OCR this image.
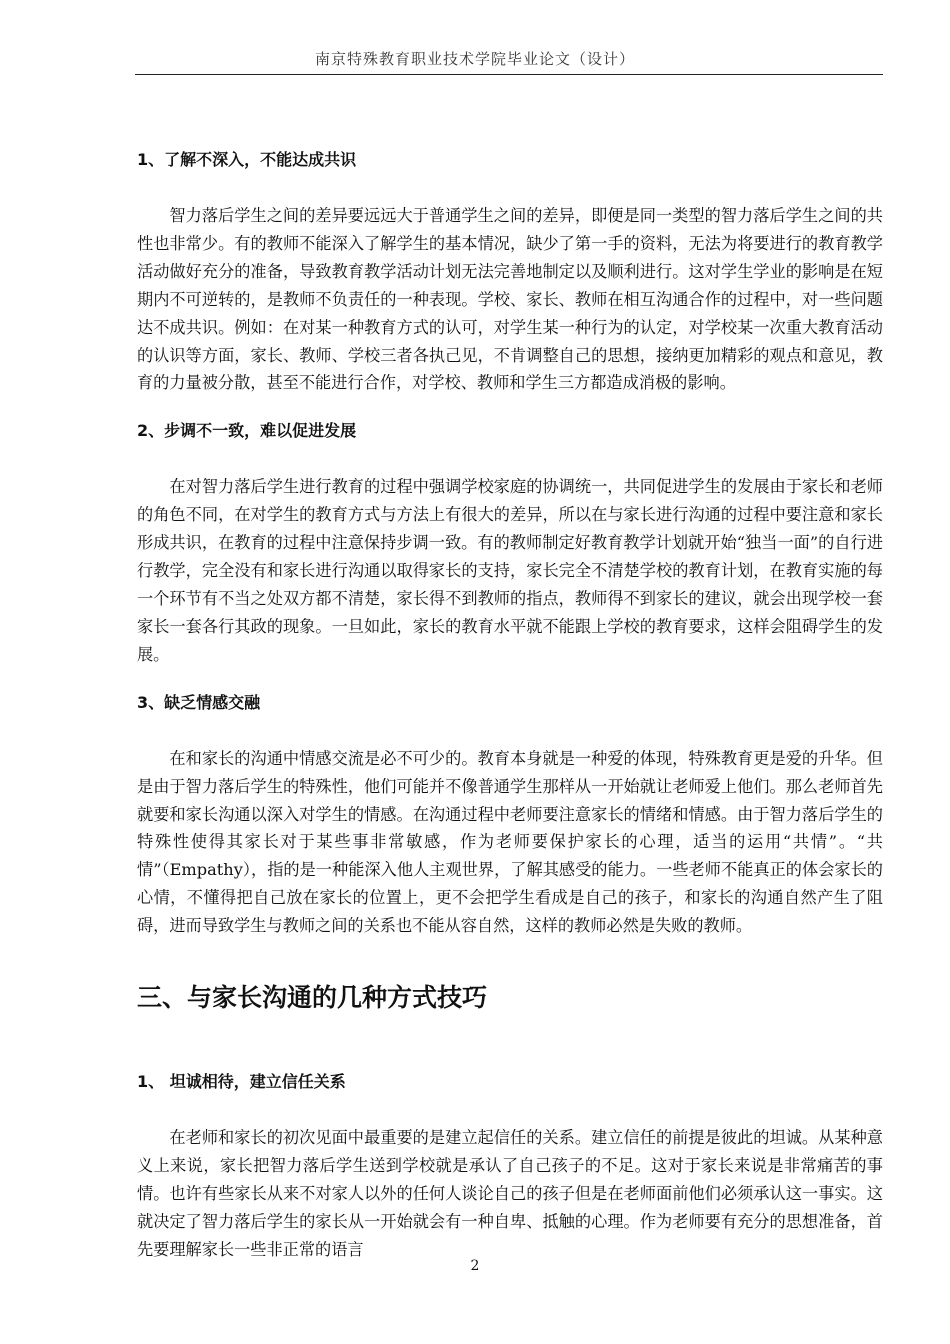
南京特殊教育职业技术学院毕业论文（设计）
1、了解不深入，不能达成共识

智力落后学生之间的差异要远远大于普通学生之间的差异，即便是同一类型的智力落后学生之间的共性也非常少。有的教师不能深入了解学生的基本情况，缺少了第一手的资料，无法为将要进行的教育教学活动做好充分的准备，导致教育教学活动计划无法完善地制定以及顺利进行。这对学生学业的影响是在短期内不可逆转的，是教师不负责任的一种表现。学校、家长、教师在相互沟通合作的过程中，对一些问题达不成共识。例如：在对某一种教育方式的认可，对学生某一种行为的认定，对学校某一次重大教育活动的认识等方面，家长、教师、学校三者各执己见，不肯调整自己的思想，接纳更加精彩的观点和意见，教育的力量被分散，甚至不能进行合作，对学校、教师和学生三方都造成消极的影响。

2、步调不一致，难以促进发展

在对智力落后学生进行教育的过程中强调学校家庭的协调统一，共同促进学生的发展由于家长和老师的角色不同，在对学生的教育方式与方法上有很大的差异，所以在与家长进行沟通的过程中要注意和家长形成共识，在教育的过程中注意保持步调一致。有的教师制定好教育教学计划就开始“独当一面”的自行进行教学，完全没有和家长进行沟通以取得家长的支持，家长完全不清楚学校的教育计划，在教育实施的每一个环节有不当之处双方都不清楚，家长得不到教师的指点，教师得不到家长的建议，就会出现学校一套家长一套各行其政的现象。一旦如此，家长的教育水平就不能跟上学校的教育要求，这样会阻碍学生的发展。

3、缺乏情感交融

在和家长的沟通中情感交流是必不可少的。教育本身就是一种爱的体现，特殊教育更是爱的升华。但是由于智力落后学生的特殊性，他们可能并不像普通学生那样从一开始就让老师爱上他们。那么老师首先就要和家长沟通以深入对学生的情感。在沟通过程中老师要注意家长的情绪和情感。由于智力落后学生的特殊性使得其家长对于某些事非常敏感，作为老师要保护家长的心理，适当的运用“共情”。“共情”（Empathy），指的是一种能深入他人主观世界，了解其感受的能力。一些老师不能真正的体会家长的心情，不懂得把自己放在家长的位置上，更不会把学生看成是自己的孩子，和家长的沟通自然产生了阻碍，进而导致学生与教师之间的关系也不能从容自然，这样的教师必然是失败的教师。

三、与家长沟通的几种方式技巧
1、 坦诚相待，建立信任关系

在老师和家长的初次见面中最重要的是建立起信任的关系。建立信任的前提是彼此的坦诚。从某种意义上来说，家长把智力落后学生送到学校就是承认了自己孩子的不足。这对于家长来说是非常痛苦的事情。也许有些家长从来不对家人以外的任何人谈论自己的孩子但是在老师面前他们必须承认这一事实。这就决定了智力落后学生的家长从一开始就会有一种自卑、抵触的心理。作为老师要有充分的思想准备，首先要理解家长一些非正常的语言

2
